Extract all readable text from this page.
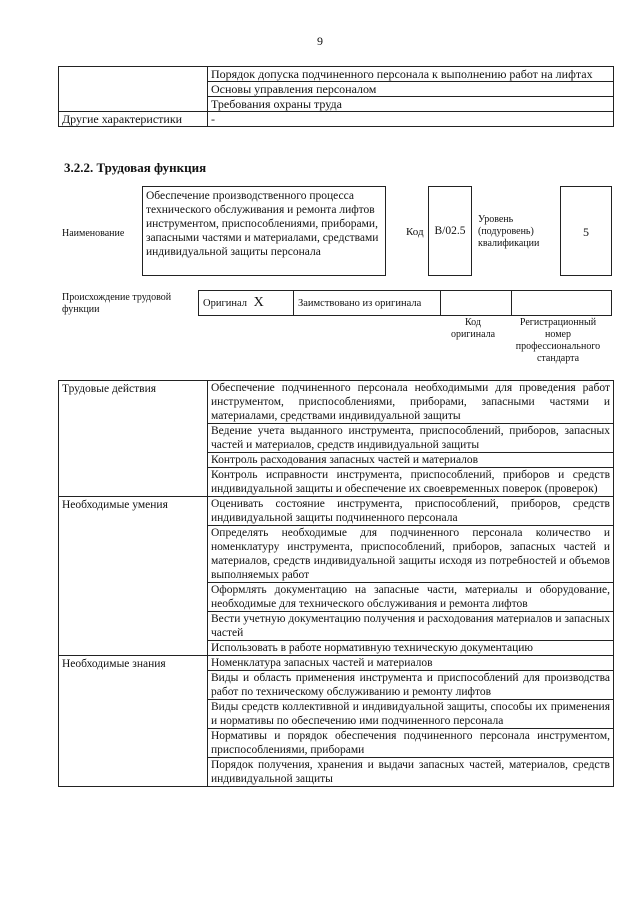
9
	Порядок допуска подчиненного персонала к выполнению работ на лифтах
	Основы управления персоналом
	Требования охраны труда
Другие характеристики	-
3.2.2. Трудовая функция
Наименование
Обеспечение производственного процесса технического обслуживания и ремонта лифтов инструментом, приспособлениями, приборами, запасными частями и материалами, средствами индивидуальной защиты персонала
Код В/02.5
Уровень (подуровень) квалификации
5
Происхождение трудовой функции
Оригинал Х	Заимствовано из оригинала		
Код оригинала
Регистрационный номер профессионального стандарта
Трудовые действия	Обеспечение подчиненного персонала необходимыми для проведения работ инструментом, приспособлениями, приборами, запасными частями и материалами, средствами индивидуальной защиты
	Ведение учета выданного инструмента, приспособлений, приборов, запасных частей и материалов, средств индивидуальной защиты
	Контроль расходования запасных частей и материалов
	Контроль исправности инструмента, приспособлений, приборов и средств индивидуальной защиты и обеспечение их своевременных поверок (проверок)
Необходимые умения	Оценивать состояние инструмента, приспособлений, приборов, средств индивидуальной защиты подчиненного персонала
	Определять необходимые для подчиненного персонала количество и номенклатуру инструмента, приспособлений, приборов, запасных частей и материалов, средств индивидуальной защиты исходя из потребностей и объемов выполняемых работ
	Оформлять документацию на запасные части, материалы и оборудование, необходимые для технического обслуживания и ремонта лифтов
	Вести учетную документацию получения и расходования материалов и запасных частей
	Использовать в работе нормативную техническую документацию
Необходимые знания	Номенклатура запасных частей и материалов
	Виды и область применения инструмента и приспособлений для производства работ по техническому обслуживанию и ремонту лифтов
	Виды средств коллективной и индивидуальной защиты, способы их применения и нормативы по обеспечению ими подчиненного персонала
	Нормативы и порядок обеспечения подчиненного персонала инструментом, приспособлениями, приборами
	Порядок получения, хранения и выдачи запасных частей, материалов, средств индивидуальной защиты
